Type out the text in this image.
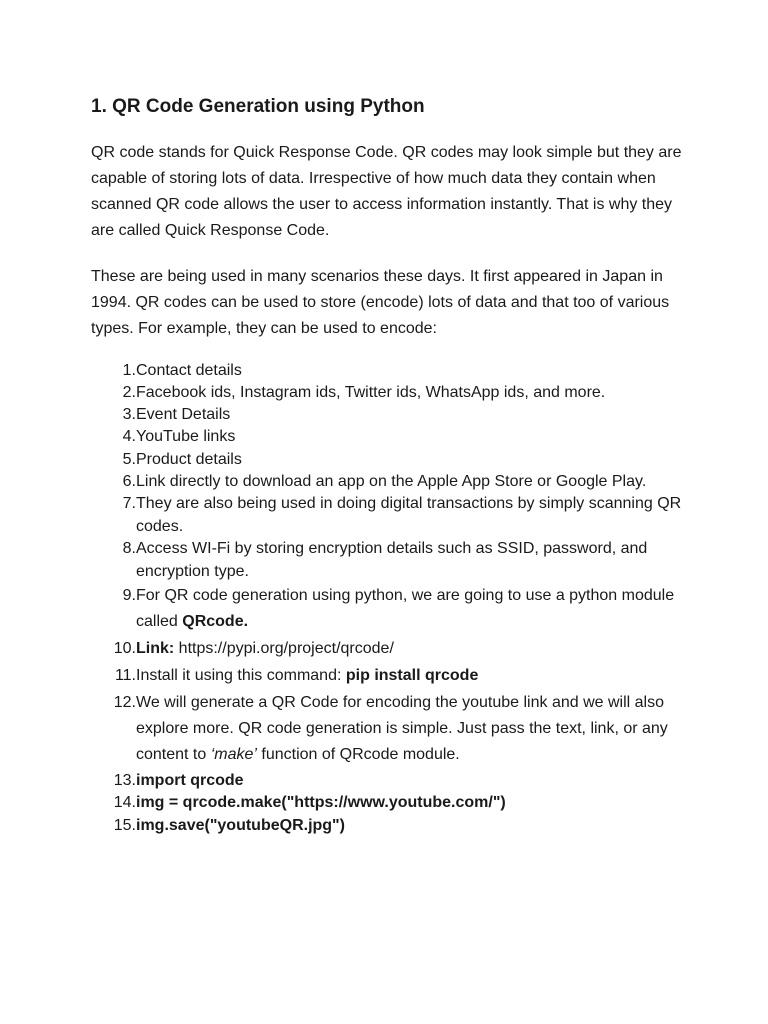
1. QR Code Generation using Python

QR code stands for Quick Response Code. QR codes may look simple but they are
capable of storing lots of data. Irrespective of how much data they contain when
scanned QR code allows the user to access information instantly. That is why they
are called Quick Response Code.

These are being used in many scenarios these days. It first appeared in Japan in
1994. QR codes can be used to store (encode) lots of data and that too of various
types. For example, they can be used to encode:

1. Contact details
2. Facebook ids, Instagram ids, Twitter ids, WhatsApp ids, and more.
3. Event Details
4. YouTube links
5. Product details
6. Link directly to download an app on the Apple App Store or Google Play.
7. They are also being used in doing digital transactions by simply scanning QR
codes.
8. Access WI-Fi by storing encryption details such as SSID, password, and
encryption type.
9. For QR code generation using python, we are going to use a python module
called QRcode.
10. Link: https://pypi.org/project/qrcode/
11. Install it using this command: pip install qrcode
12. We will generate a QR Code for encoding the youtube link and we will also
explore more. QR code generation is simple. Just pass the text, link, or any
content to ‘make’ function of QRcode module.
13. import qrcode
14. img = qrcode.make("https://www.youtube.com/")
15. img.save("youtubeQR.jpg")
